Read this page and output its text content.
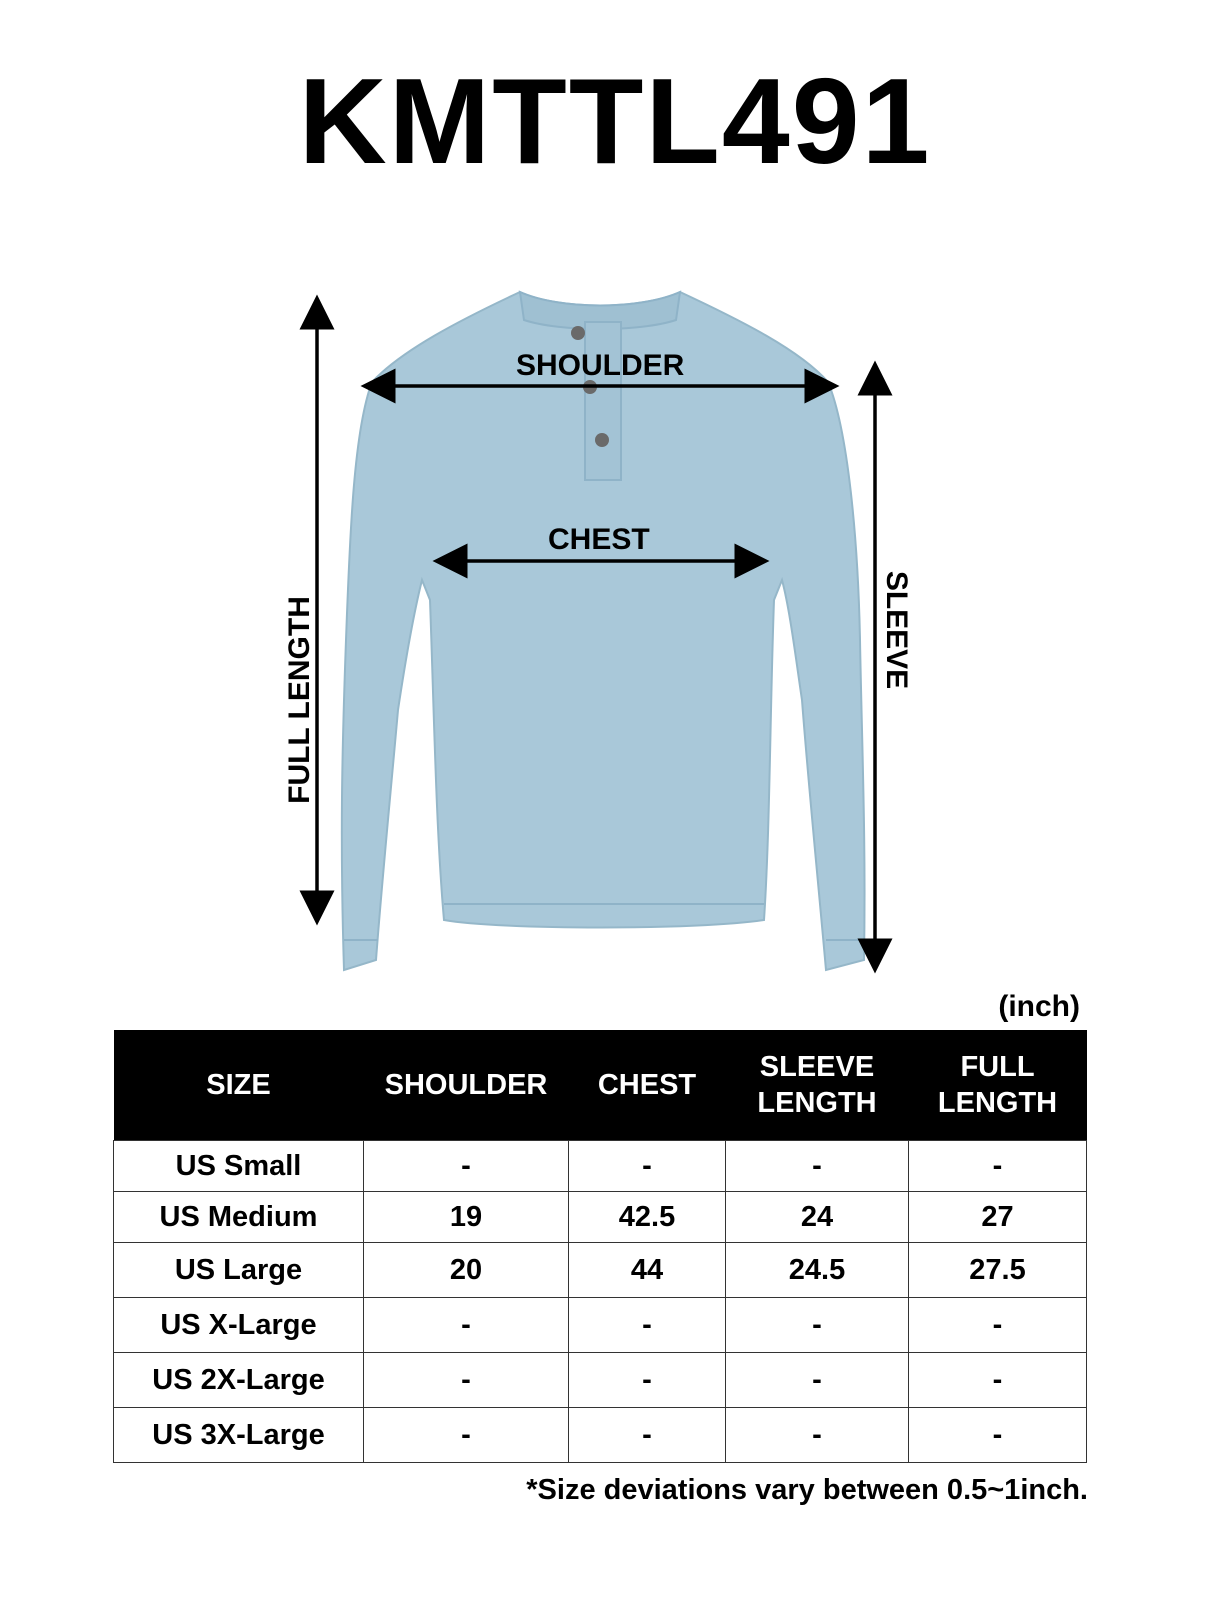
KMTTL491
SHOULDER
CHEST
FULL LENGTH	SLEEVE
(inch)
SIZE	SHOULDER	CHEST	SLEEVE LENGTH	FULL LENGTH
US Small	-	-	-	-
US Medium	19	42.5	24	27
US Large	20	44	24.5	27.5
US X-Large	-	-	-	-
US 2X-Large	-	-	-	-
US 3X-Large	-	-	-	-
*Size deviations vary between 0.5~1inch.
